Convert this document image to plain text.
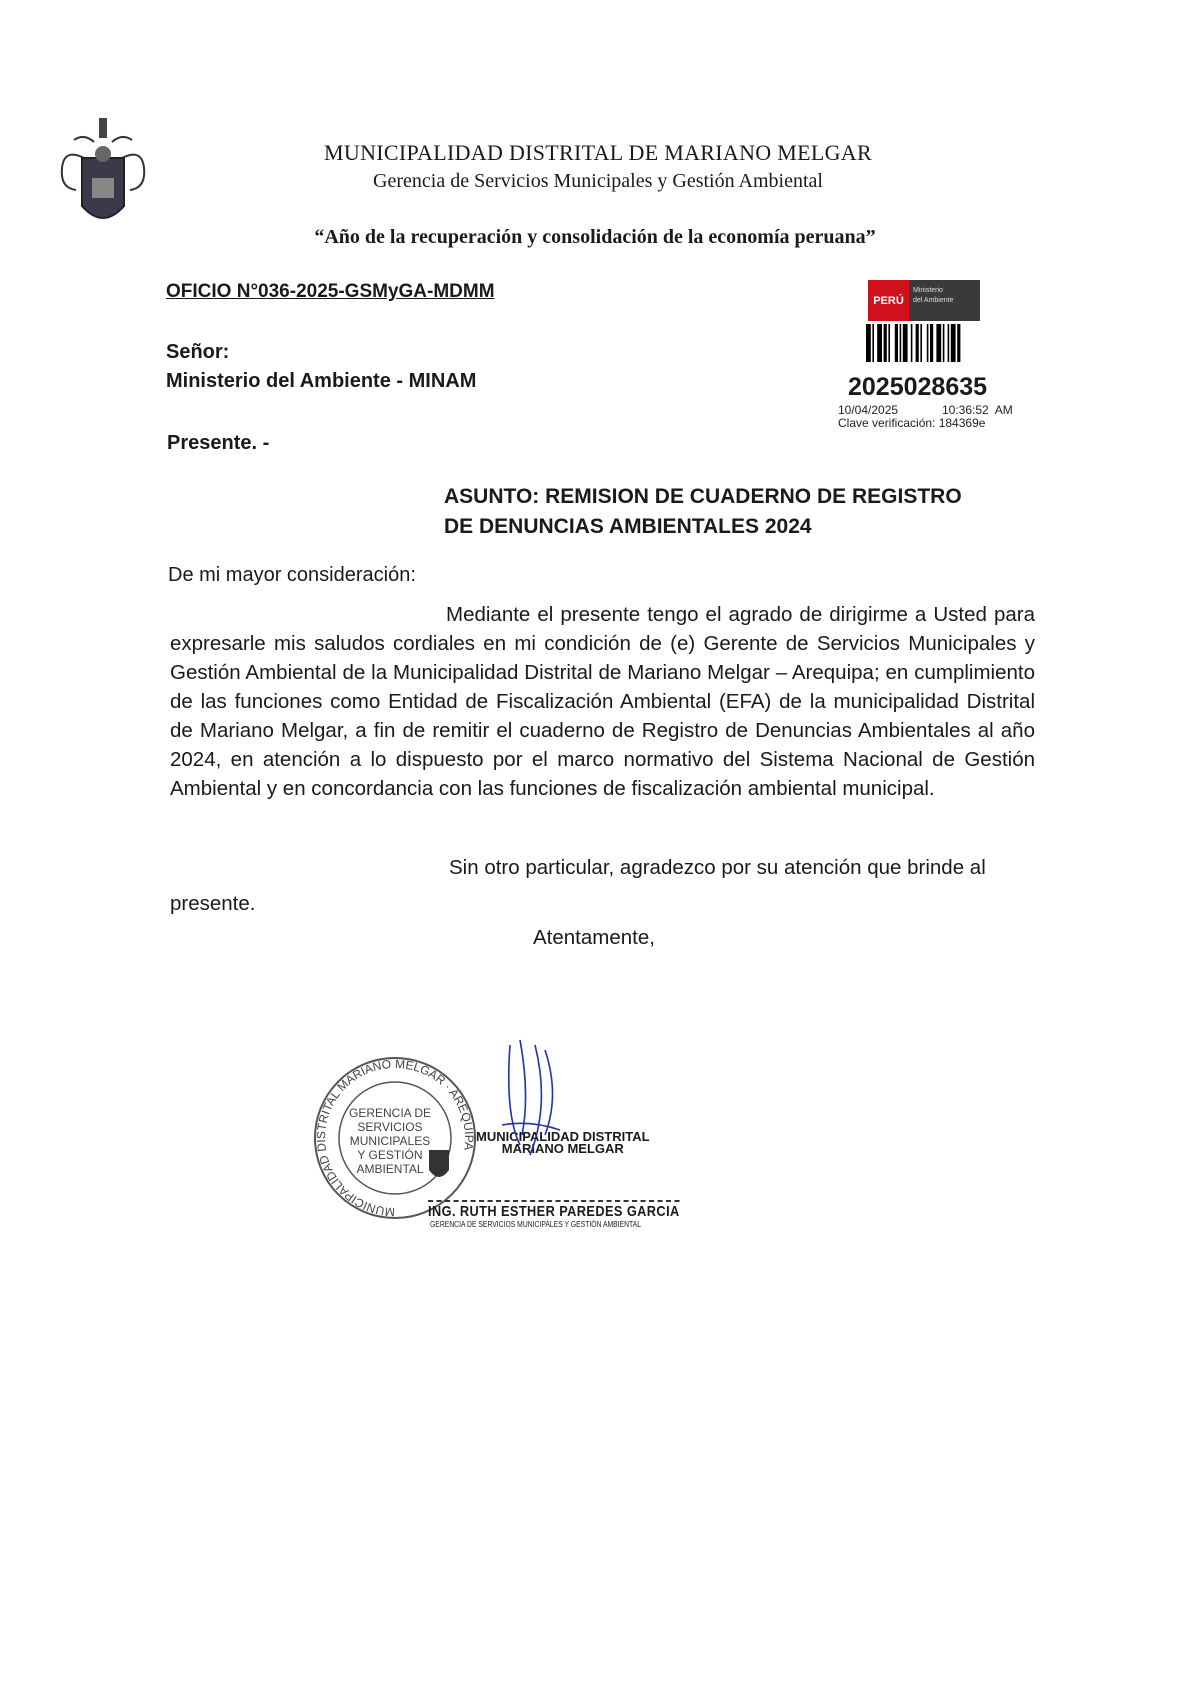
MUNICIPALIDAD DISTRITAL DE MARIANO MELGAR
Gerencia de Servicios Municipales y Gestión Ambiental
“Año de la recuperación y consolidación de la economía peruana”
OFICIO N°036-2025-GSMyGA-MDMM
Señor:
Ministerio del Ambiente - MINAM
Presente. -
PERÚ
Ministerio
del Ambiente
2025028635
10/04/2025	10:36:52  AM
Clave verificación: 184369e
ASUNTO: REMISION DE CUADERNO DE REGISTRO
DE DENUNCIAS AMBIENTALES 2024
De mi mayor consideración:
Mediante el presente tengo el agrado de dirigirme a Usted para expresarle mis saludos cordiales en mi condición de (e) Gerente de Servicios Municipales y Gestión Ambiental de la Municipalidad Distrital de Mariano Melgar – Arequipa; en cumplimiento de las funciones como Entidad de Fiscalización Ambiental (EFA) de la municipalidad Distrital de Mariano Melgar, a fin de remitir el cuaderno de Registro de Denuncias Ambientales al año 2024, en atención a lo dispuesto por el marco normativo del Sistema Nacional de Gestión Ambiental y en concordancia con las funciones de fiscalización ambiental municipal.
Sin otro particular, agradezco por su atención que brinde al presente.
Atentamente,
MUNICIPALIDAD DISTRITAL MARIANO MELGAR · AREQUIPA
GERENCIA DE
SERVICIOS
MUNICIPALES
Y GESTIÓN
AMBIENTAL
MUNICIPALIDAD DISTRITAL
MARIANO MELGAR
ING. RUTH ESTHER PAREDES GARCIA
GERENCIA DE SERVICIOS MUNICIPALES Y GESTIÓN AMBIENTAL
